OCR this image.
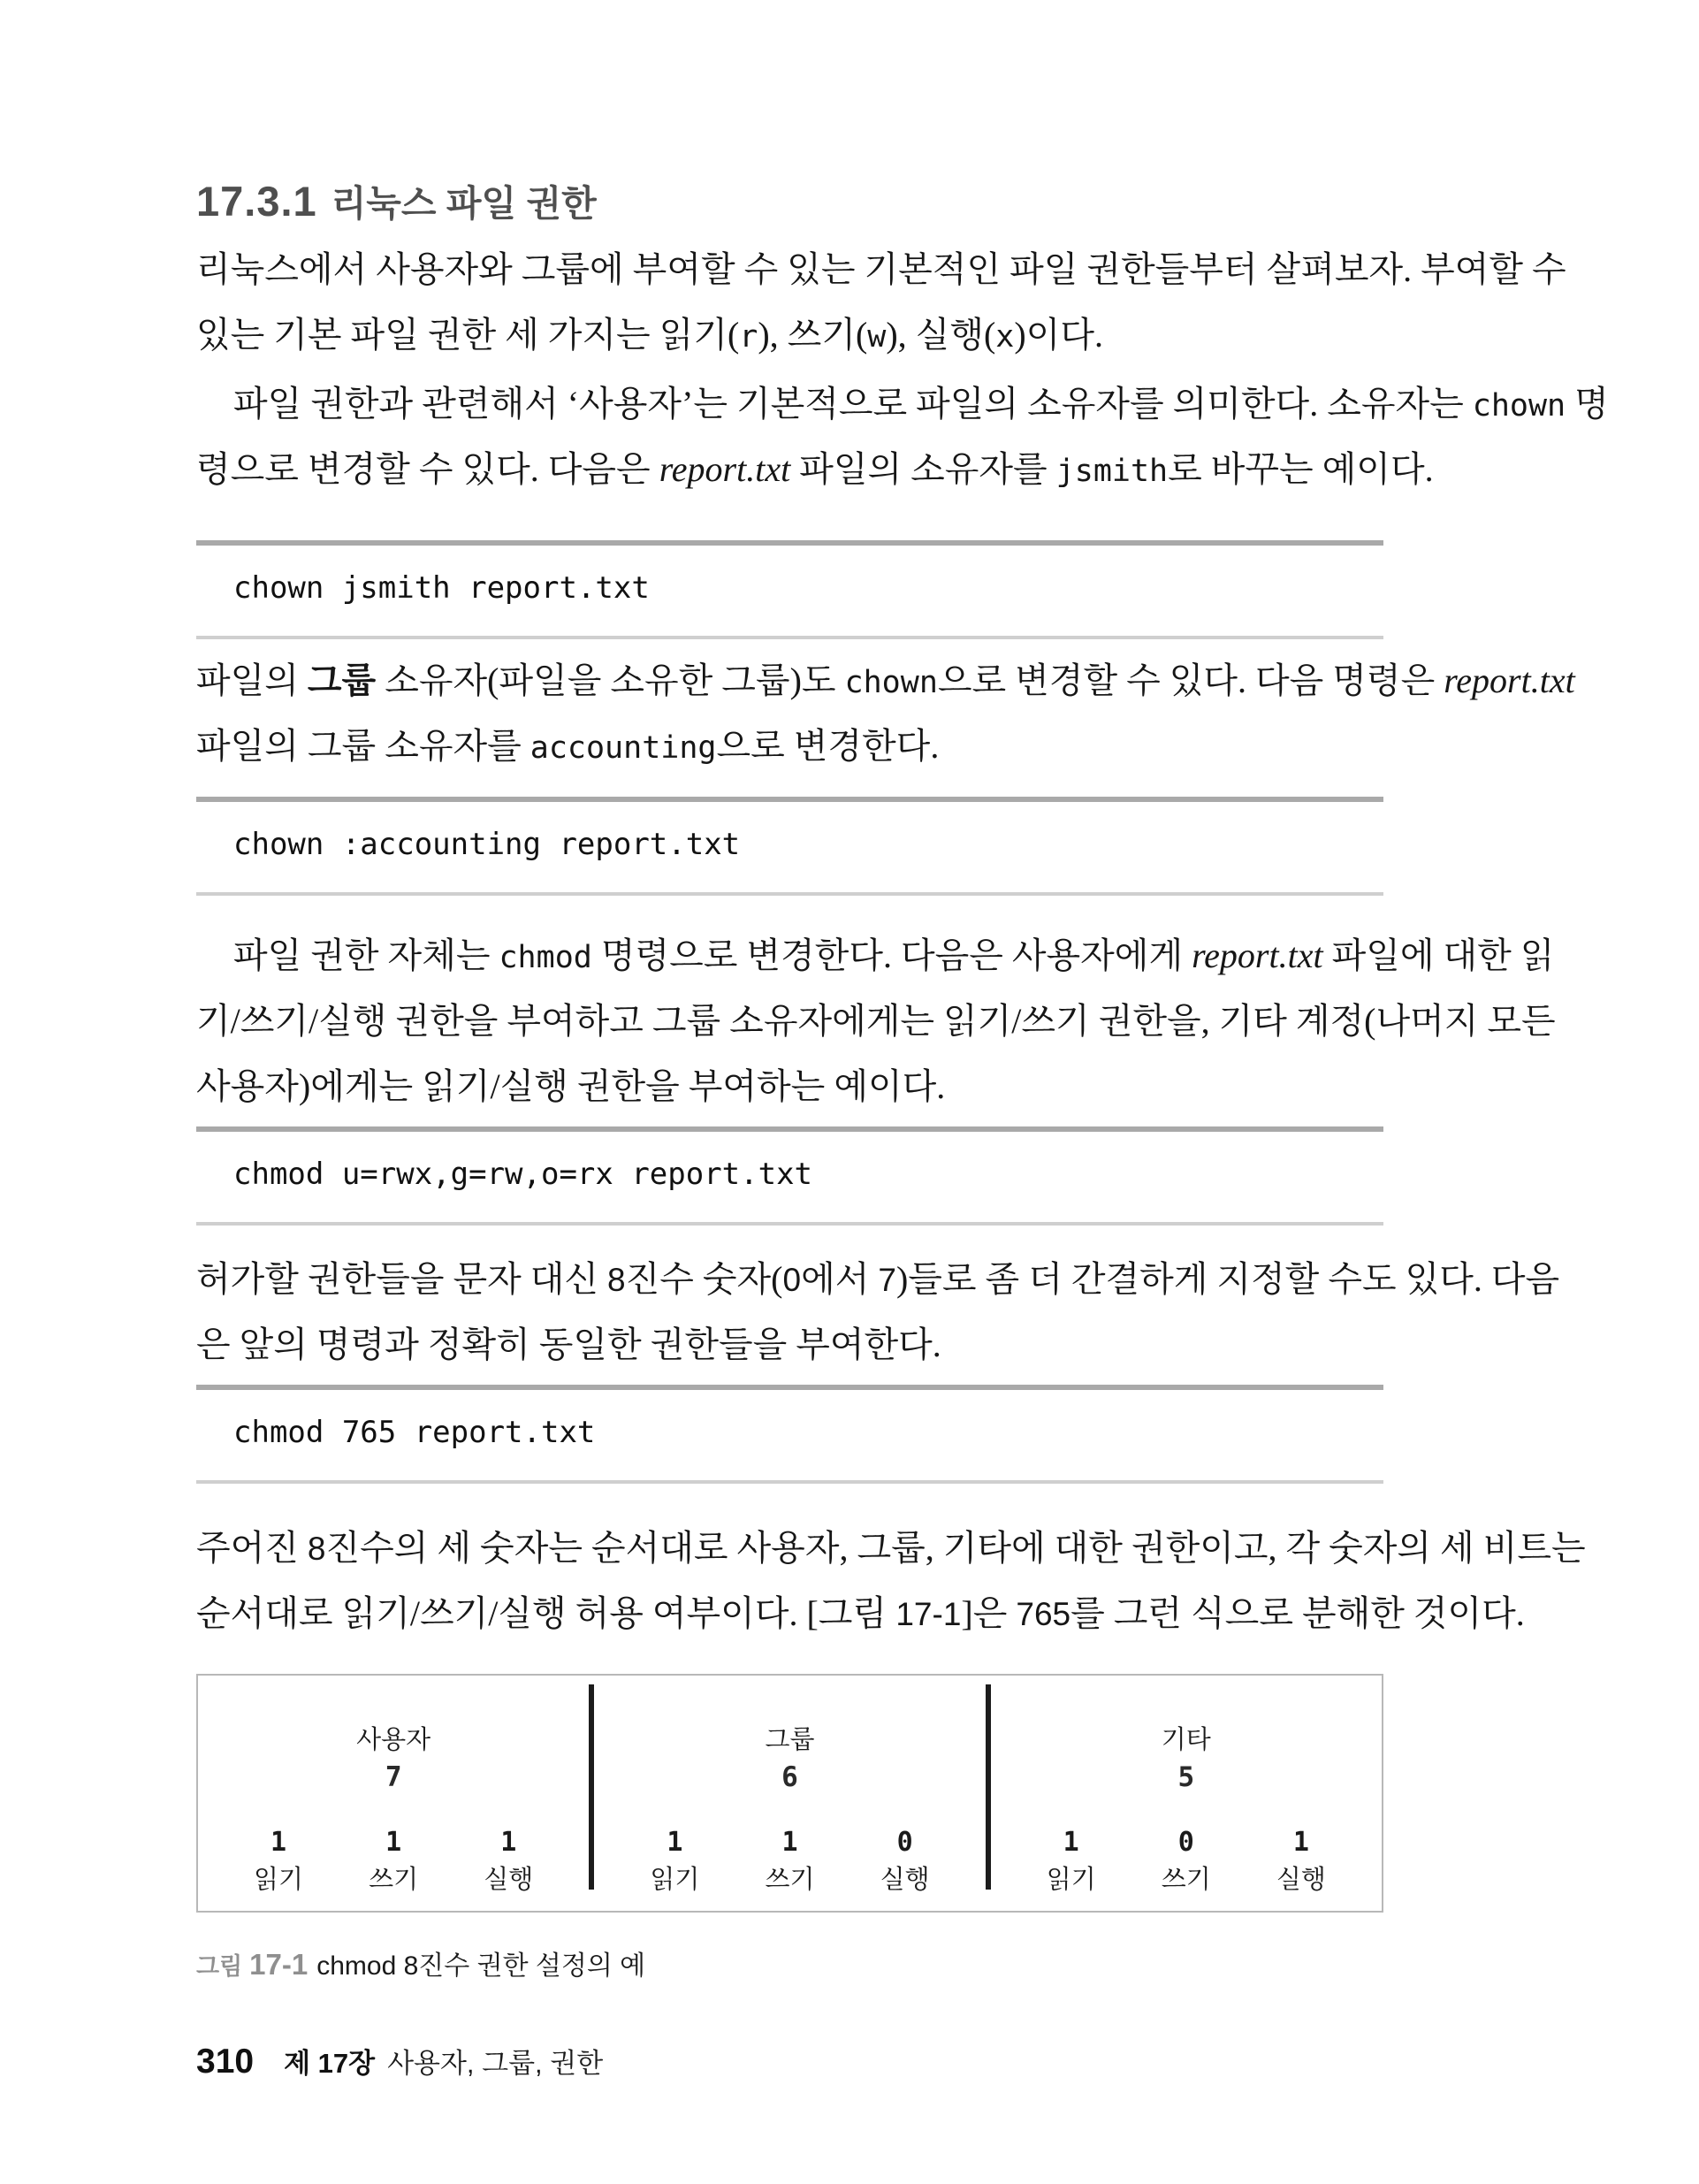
17.3.1 리눅스 파일 권한
리눅스에서 사용자와 그룹에 부여할 수 있는 기본적인 파일 권한들부터 살펴보자. 부여할 수
있는 기본 파일 권한 세 가지는 읽기(r), 쓰기(w), 실행(x)이다.
파일 권한과 관련해서 ‘사용자’는 기본적으로 파일의 소유자를 의미한다. 소유자는 chown 명
령으로 변경할 수 있다. 다음은 report.txt 파일의 소유자를 jsmith로 바꾸는 예이다.
chown jsmith report.txt
파일의 그룹 소유자(파일을 소유한 그룹)도 chown으로 변경할 수 있다. 다음 명령은 report.txt
파일의 그룹 소유자를 accounting으로 변경한다.
chown :accounting report.txt
파일 권한 자체는 chmod 명령으로 변경한다. 다음은 사용자에게 report.txt 파일에 대한 읽
기/쓰기/실행 권한을 부여하고 그룹 소유자에게는 읽기/쓰기 권한을, 기타 계정(나머지 모든
사용자)에게는 읽기/실행 권한을 부여하는 예이다.
chmod u=rwx,g=rw,o=rx report.txt
허가할 권한들을 문자 대신 8진수 숫자(0에서 7)들로 좀 더 간결하게 지정할 수도 있다. 다음
은 앞의 명령과 정확히 동일한 권한들을 부여한다.
chmod 765 report.txt
주어진 8진수의 세 숫자는 순서대로 사용자, 그룹, 기타에 대한 권한이고, 각 숫자의 세 비트는
순서대로 읽기/쓰기/실행 허용 여부이다. [그림 17-1]은 765를 그런 식으로 분해한 것이다.
사용자
7
1
읽기
1
쓰기
1
실행
그룹
6
1
읽기
1
쓰기
0
실행
기타
5
1
읽기
0
쓰기
1
실행
그림 17-1 chmod 8진수 권한 설정의 예
310 제 17장 사용자, 그룹, 권한
